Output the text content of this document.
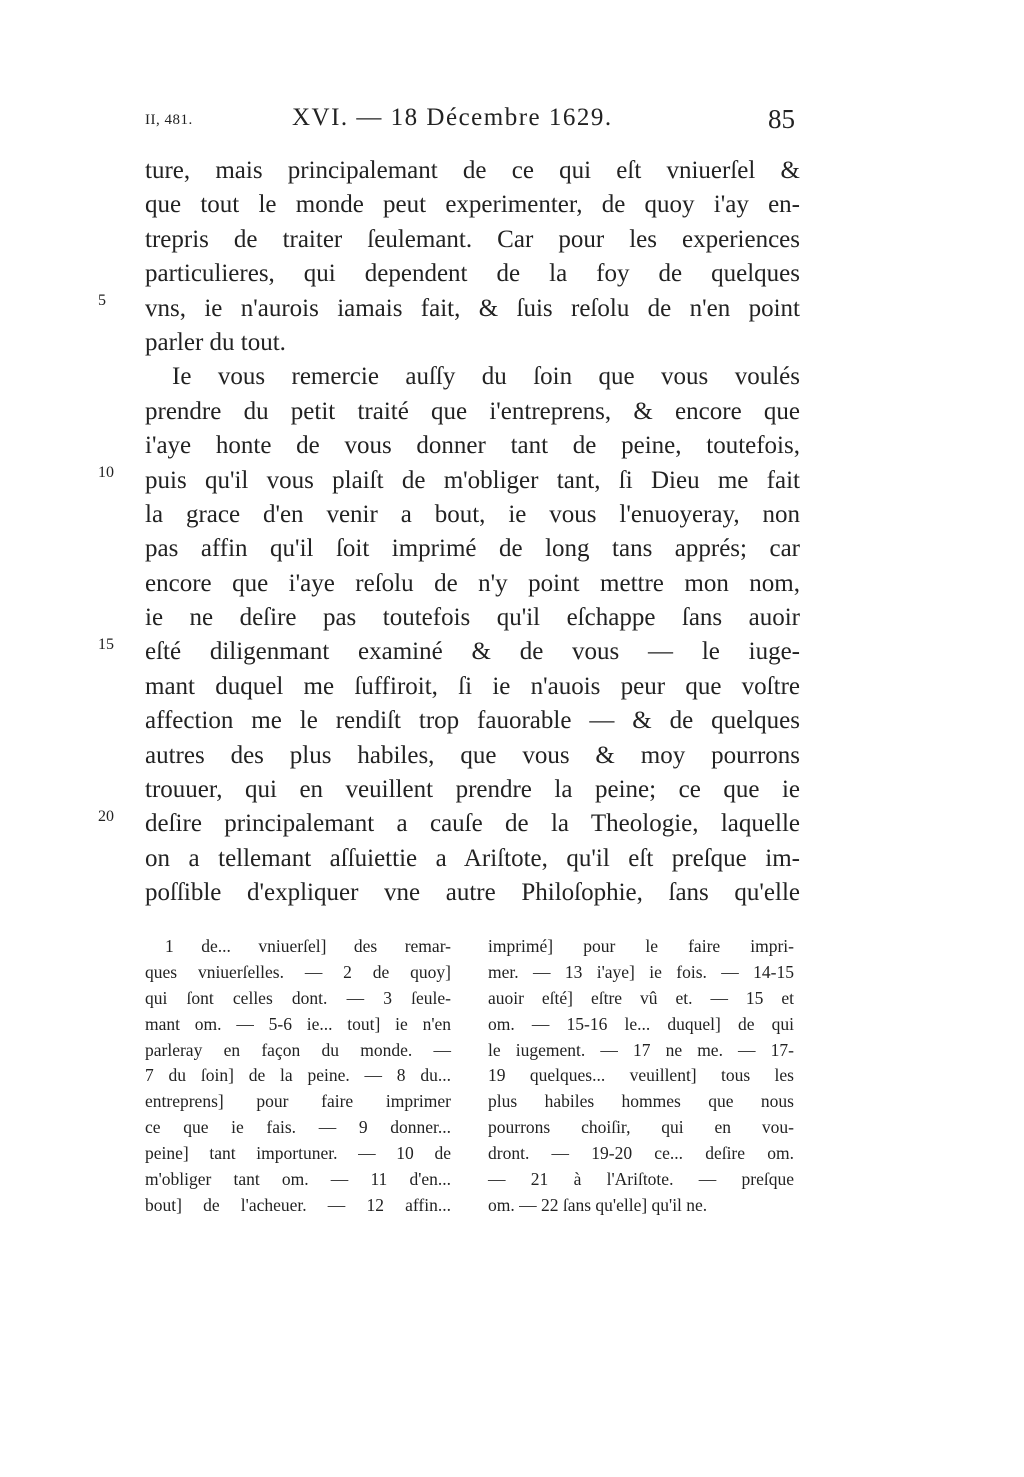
II, 481.	XVI. — 18 Décembre 1629.	85
ture, mais principalemant de ce qui eſt vniuerſel &
que tout le monde peut experimenter, de quoy i'ay en-
trepris de traiter ſeulemant. Car pour les experiences
particulieres, qui dependent de la foy de quelques
vns, ie n'aurois iamais fait, & ſuis reſolu de n'en point
parler du tout.
Ie vous remercie auſſy du ſoin que vous voulés
prendre du petit traité que i'entreprens, & encore que
i'aye honte de vous donner tant de peine, toutefois,
puis qu'il vous plaiſt de m'obliger tant, ſi Dieu me fait
la grace d'en venir a bout, ie vous l'enuoyeray, non
pas affin qu'il ſoit imprimé de long tans apprés; car
encore que i'aye reſolu de n'y point mettre mon nom,
ie ne deſire pas toutefois qu'il eſchappe ſans auoir
eſté diligenmant examiné & de vous — le iuge-
mant duquel me ſuffiroit, ſi ie n'auois peur que voſtre
affection me le rendiſt trop fauorable — & de quelques
autres des plus habiles, que vous & moy pourrons
trouuer, qui en veuillent prendre la peine; ce que ie
deſire principalemant a cauſe de la Theologie, laquelle
on a tellemant aſſuiettie a Ariſtote, qu'il eſt preſque im-
poſſible d'expliquer vne autre Philoſophie, ſans qu'elle
5
10
15
20
1 de... vniuerſel] des remar-
ques vniuerſelles. — 2 de quoy]
qui ſont celles dont. — 3 ſeule-
mant om. — 5-6 ie... tout] ie n'en
parleray en façon du monde. —
7 du ſoin] de la peine. — 8 du...
entreprens] pour faire imprimer
ce que ie fais. — 9 donner...
peine] tant importuner. — 10 de
m'obliger tant om. — 11 d'en...
bout] de l'acheuer. — 12 affin...
imprimé] pour le faire impri-
mer. — 13 i'aye] ie fois. — 14-15
auoir eſté] eſtre vû et. — 15 et
om. — 15-16 le... duquel] de qui
le iugement. — 17 ne me. — 17-
19 quelques... veuillent] tous les
plus habiles hommes que nous
pourrons choiſir, qui en vou-
dront. — 19-20 ce... deſire om.
— 21 à l'Ariſtote. — preſque
om. — 22 ſans qu'elle] qu'il ne.
